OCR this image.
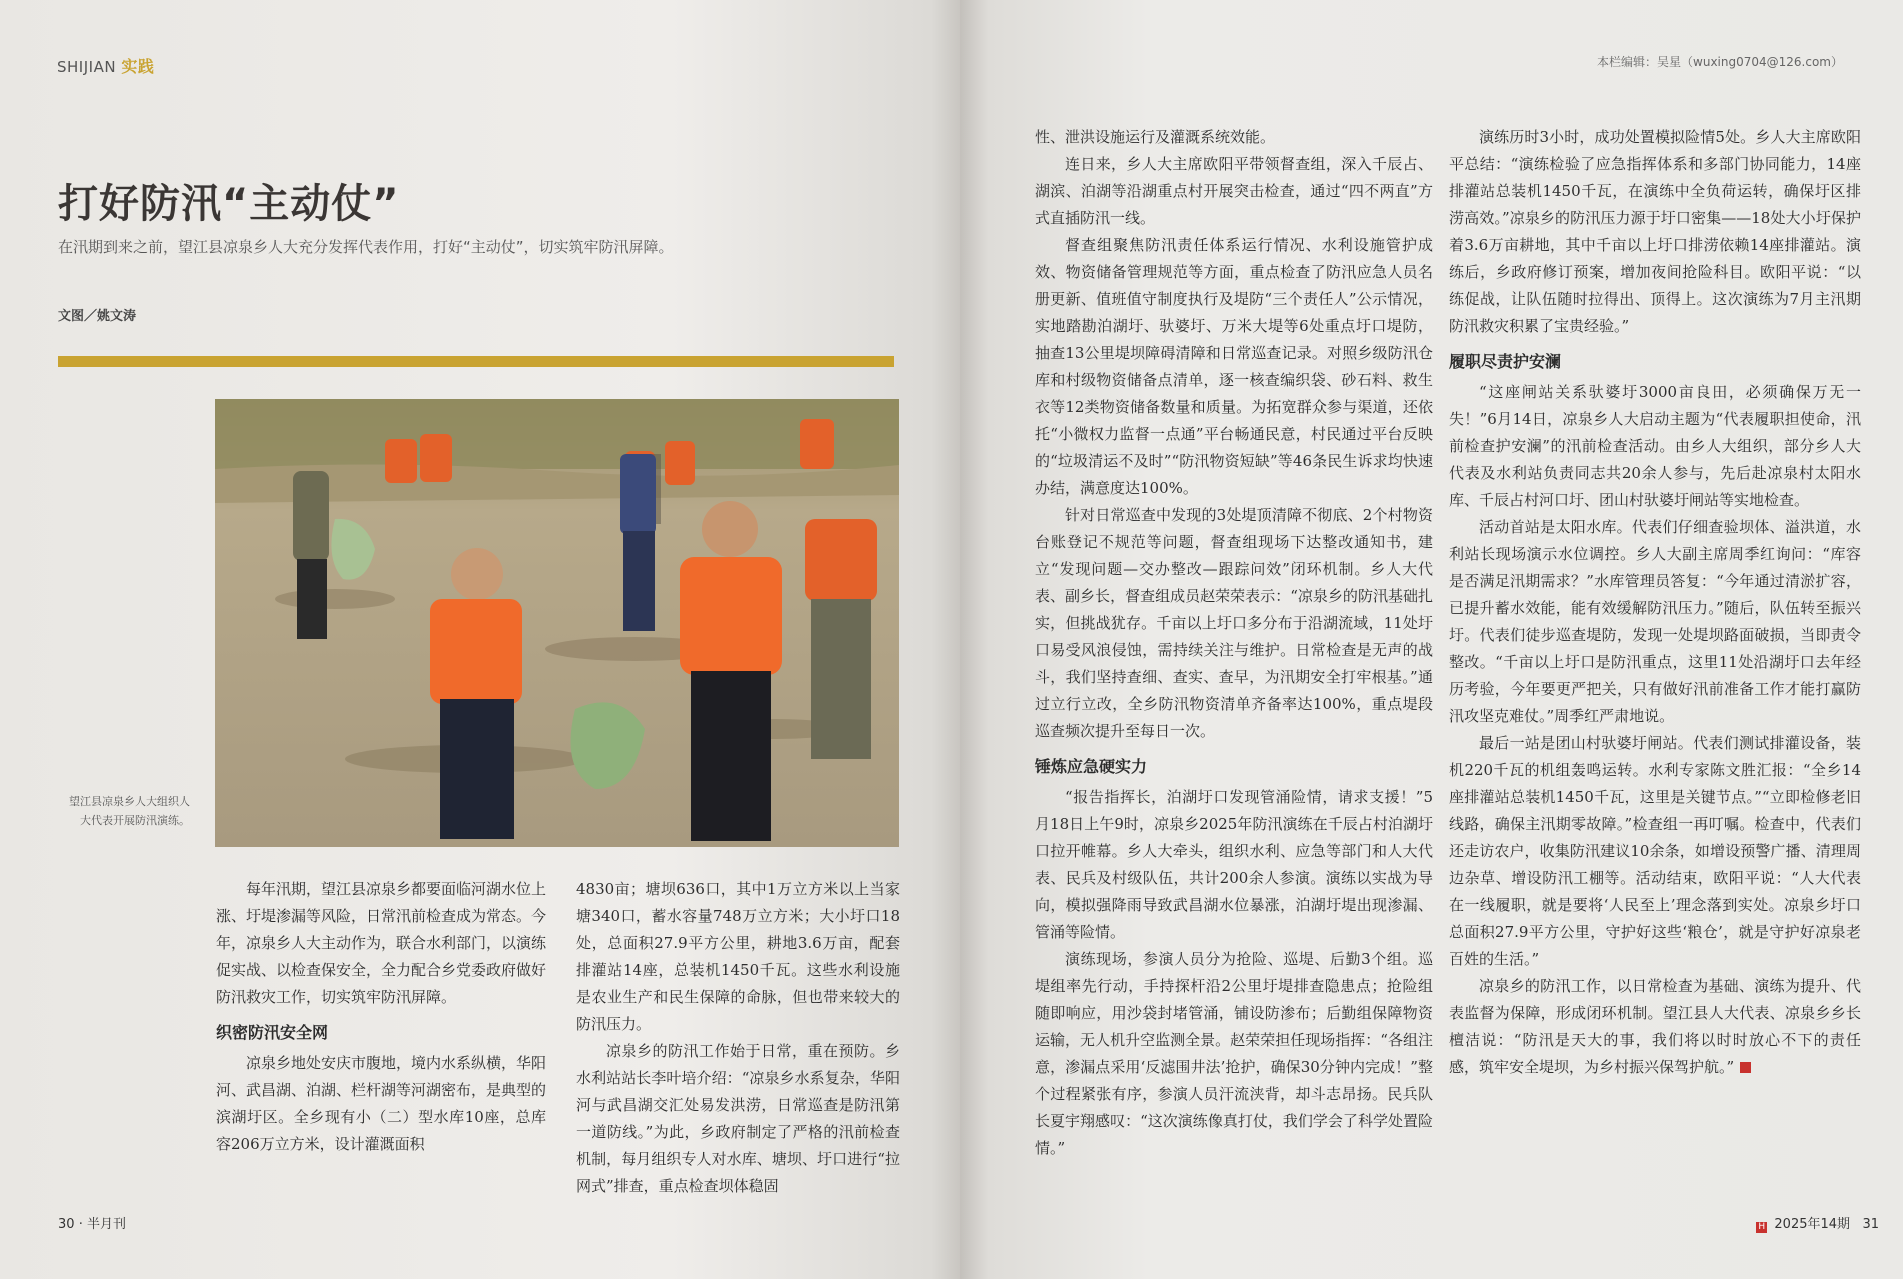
SHIJIAN 实践
打好防汛“主动仗”
在汛期到来之前，望江县凉泉乡人大充分发挥代表作用，打好“主动仗”，切实筑牢防汛屏障。
文图／姚文涛
望江县凉泉乡人大组织人大代表开展防汛演练。

每年汛期，望江县凉泉乡都要面临河湖水位上涨、圩堤渗漏等风险，日常汛前检查成为常态。今年，凉泉乡人大主动作为，联合水利部门，以演练促实战、以检查保安全，全力配合乡党委政府做好防汛救灾工作，切实筑牢防汛屏障。

织密防汛安全网

凉泉乡地处安庆市腹地，境内水系纵横，华阳河、武昌湖、泊湖、栏杆湖等河湖密布，是典型的滨湖圩区。全乡现有小（二）型水库10座，总库容206万立方米，设计灌溉面积

4830亩；塘坝636口，其中1万立方米以上当家塘340口，蓄水容量748万立方米；大小圩口18处，总面积27.9平方公里，耕地3.6万亩，配套排灌站14座，总装机1450千瓦。这些水利设施是农业生产和民生保障的命脉，但也带来较大的防汛压力。

凉泉乡的防汛工作始于日常，重在预防。乡水利站站长李叶培介绍：“凉泉乡水系复杂，华阳河与武昌湖交汇处易发洪涝，日常巡查是防汛第一道防线。”为此，乡政府制定了严格的汛前检查机制，每月组织专人对水库、塘坝、圩口进行“拉网式”排查，重点检查坝体稳固

30 · 半月刊
本栏编辑：吴星（wuxing0704@126.com）

性、泄洪设施运行及灌溉系统效能。

连日来，乡人大主席欧阳平带领督查组，深入千辰占、湖滨、泊湖等沿湖重点村开展突击检查，通过“四不两直”方式直插防汛一线。

督查组聚焦防汛责任体系运行情况、水利设施管护成效、物资储备管理规范等方面，重点检查了防汛应急人员名册更新、值班值守制度执行及堤防“三个责任人”公示情况，实地踏勘泊湖圩、驮婆圩、万米大堤等6处重点圩口堤防，抽查13公里堤坝障碍清障和日常巡查记录。对照乡级防汛仓库和村级物资储备点清单，逐一核查编织袋、砂石料、救生衣等12类物资储备数量和质量。为拓宽群众参与渠道，还依托“小微权力监督一点通”平台畅通民意，村民通过平台反映的“垃圾清运不及时”“防汛物资短缺”等46条民生诉求均快速办结，满意度达100%。

针对日常巡查中发现的3处堤顶清障不彻底、2个村物资台账登记不规范等问题，督查组现场下达整改通知书，建立“发现问题—交办整改—跟踪问效”闭环机制。乡人大代表、副乡长，督查组成员赵荣荣表示：“凉泉乡的防汛基础扎实，但挑战犹存。千亩以上圩口多分布于沿湖流域，11处圩口易受风浪侵蚀，需持续关注与维护。日常检查是无声的战斗，我们坚持查细、查实、查早，为汛期安全打牢根基。”通过立行立改，全乡防汛物资清单齐备率达100%，重点堤段巡查频次提升至每日一次。

锤炼应急硬实力

“报告指挥长，泊湖圩口发现管涌险情，请求支援！”5月18日上午9时，凉泉乡2025年防汛演练在千辰占村泊湖圩口拉开帷幕。乡人大牵头，组织水利、应急等部门和人大代表、民兵及村级队伍，共计200余人参演。演练以实战为导向，模拟强降雨导致武昌湖水位暴涨，泊湖圩堤出现渗漏、管涌等险情。

演练现场，参演人员分为抢险、巡堤、后勤3个组。巡堤组率先行动，手持探杆沿2公里圩堤排查隐患点；抢险组随即响应，用沙袋封堵管涌，铺设防渗布；后勤组保障物资运输，无人机升空监测全景。赵荣荣担任现场指挥：“各组注意，渗漏点采用‘反滤围井法’抢护，确保30分钟内完成！”整个过程紧张有序，参演人员汗流浃背，却斗志昂扬。民兵队长夏宇翔感叹：“这次演练像真打仗，我们学会了科学处置险情。”

演练历时3小时，成功处置模拟险情5处。乡人大主席欧阳平总结：“演练检验了应急指挥体系和多部门协同能力，14座排灌站总装机1450千瓦，在演练中全负荷运转，确保圩区排涝高效。”凉泉乡的防汛压力源于圩口密集——18处大小圩保护着3.6万亩耕地，其中千亩以上圩口排涝依赖14座排灌站。演练后，乡政府修订预案，增加夜间抢险科目。欧阳平说：“以练促战，让队伍随时拉得出、顶得上。这次演练为7月主汛期防汛救灾积累了宝贵经验。”

履职尽责护安澜

“这座闸站关系驮婆圩3000亩良田，必须确保万无一失！”6月14日，凉泉乡人大启动主题为“代表履职担使命，汛前检查护安澜”的汛前检查活动。由乡人大组织，部分乡人大代表及水利站负责同志共20余人参与，先后赴凉泉村太阳水库、千辰占村河口圩、团山村驮婆圩闸站等实地检查。

活动首站是太阳水库。代表们仔细查验坝体、溢洪道，水利站长现场演示水位调控。乡人大副主席周季红询问：“库容是否满足汛期需求？”水库管理员答复：“今年通过清淤扩容，已提升蓄水效能，能有效缓解防汛压力。”随后，队伍转至振兴圩。代表们徒步巡查堤防，发现一处堤坝路面破损，当即责令整改。“千亩以上圩口是防汛重点，这里11处沿湖圩口去年经历考验，今年要更严把关，只有做好汛前准备工作才能打赢防汛攻坚克难仗。”周季红严肃地说。

最后一站是团山村驮婆圩闸站。代表们测试排灌设备，装机220千瓦的机组轰鸣运转。水利专家陈文胜汇报：“全乡14座排灌站总装机1450千瓦，这里是关键节点。”“立即检修老旧线路，确保主汛期零故障。”检查组一再叮嘱。检查中，代表们还走访农户，收集防汛建议10余条，如增设预警广播、清理周边杂草、增设防汛工棚等。活动结束，欧阳平说：“人大代表在一线履职，就是要将‘人民至上’理念落到实处。凉泉乡圩口总面积27.9平方公里，守护好这些‘粮仓’，就是守护好凉泉老百姓的生活。”

凉泉乡的防汛工作，以日常检查为基础、演练为提升、代表监督为保障，形成闭环机制。望江县人大代表、凉泉乡乡长檀洁说：“防汛是天大的事，我们将以时时放心不下的责任感，筑牢安全堤坝，为乡村振兴保驾护航。”

H 2025年14期 31
